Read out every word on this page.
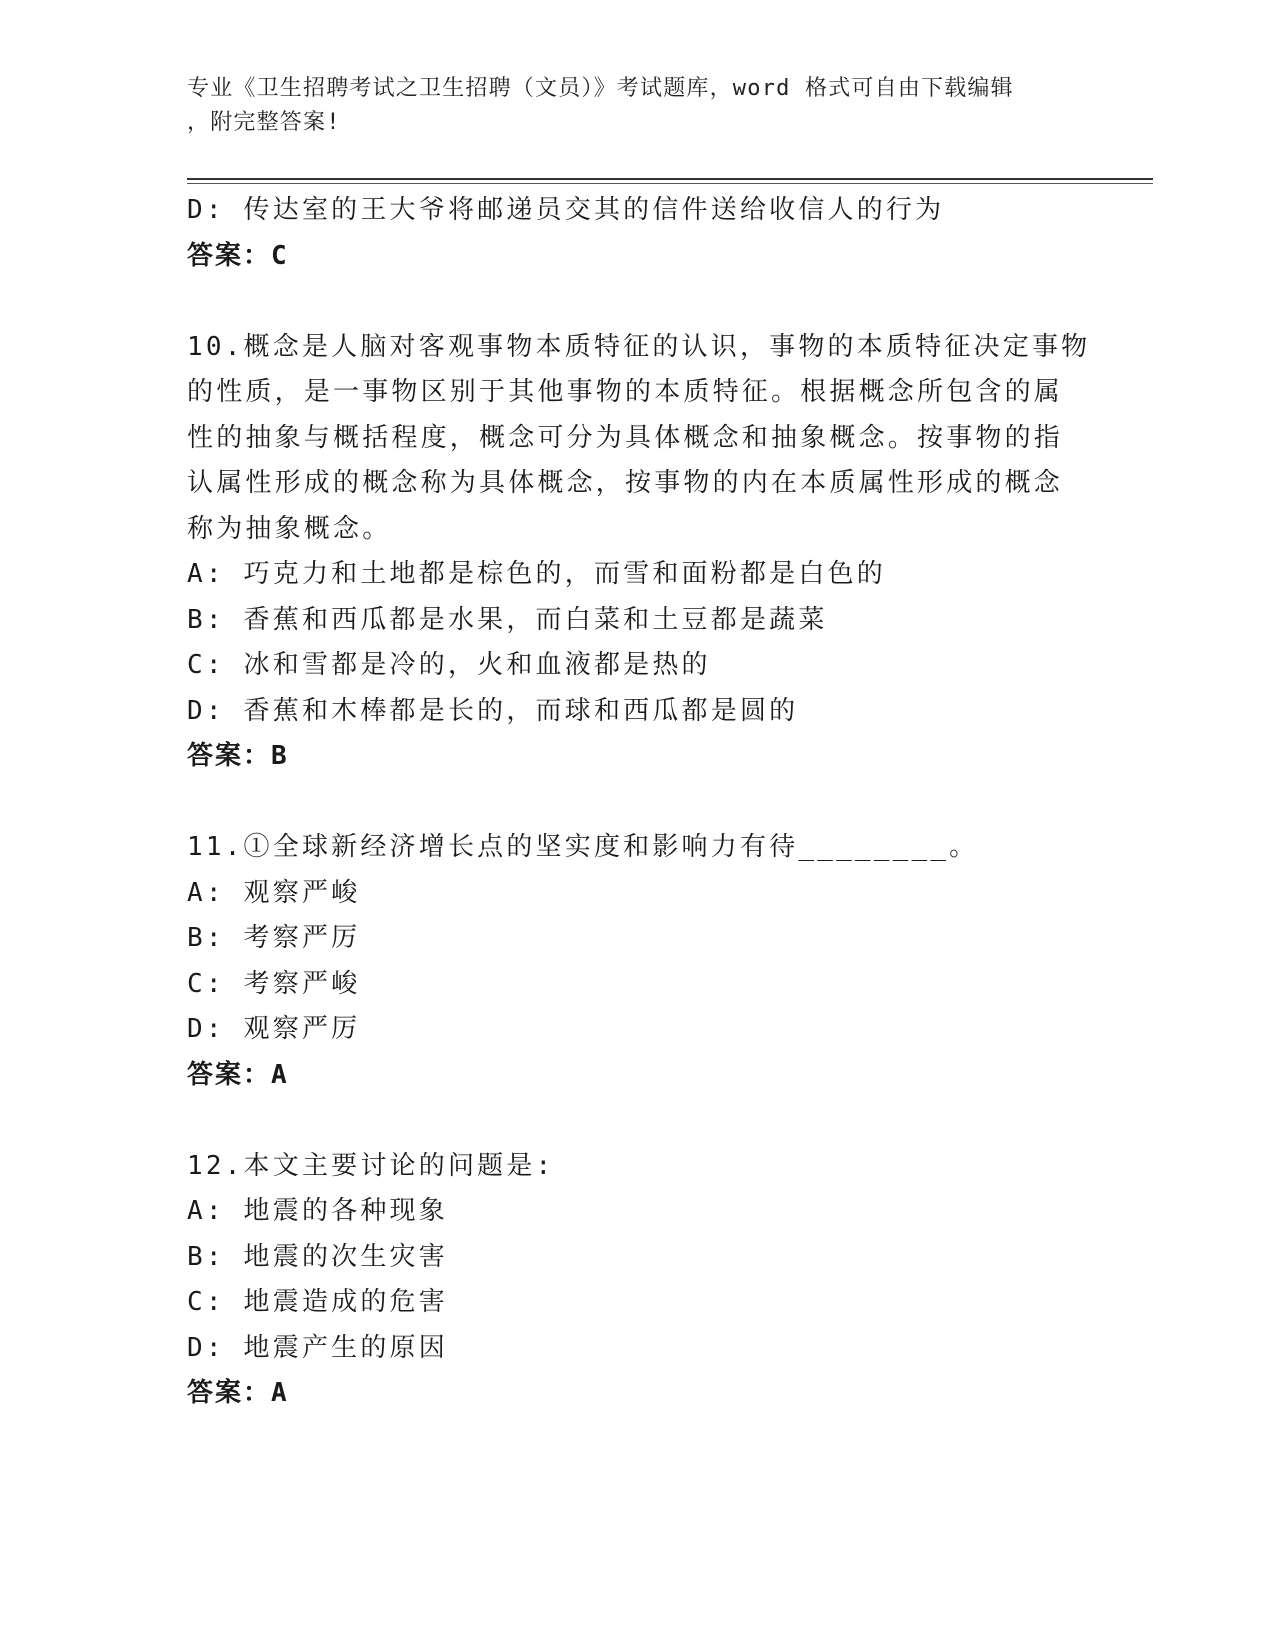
专业《卫生招聘考试之卫生招聘（文员）》考试题库，word 格式可自由下载编辑
，附完整答案!
D: 传达室的王大爷将邮递员交其的信件送给收信人的行为
答案：C
10.概念是人脑对客观事物本质特征的认识，事物的本质特征决定事物
的性质，是一事物区别于其他事物的本质特征。根据概念所包含的属
性的抽象与概括程度，概念可分为具体概念和抽象概念。按事物的指
认属性形成的概念称为具体概念，按事物的内在本质属性形成的概念
称为抽象概念。
A: 巧克力和土地都是棕色的，而雪和面粉都是白色的
B: 香蕉和西瓜都是水果，而白菜和土豆都是蔬菜
C: 冰和雪都是冷的，火和血液都是热的
D: 香蕉和木棒都是长的，而球和西瓜都是圆的
答案：B
11.①全球新经济增长点的坚实度和影响力有待________。
A: 观察严峻
B: 考察严厉
C: 考察严峻
D: 观察严厉
答案：A
12.本文主要讨论的问题是:
A: 地震的各种现象
B: 地震的次生灾害
C: 地震造成的危害
D: 地震产生的原因
答案：A
